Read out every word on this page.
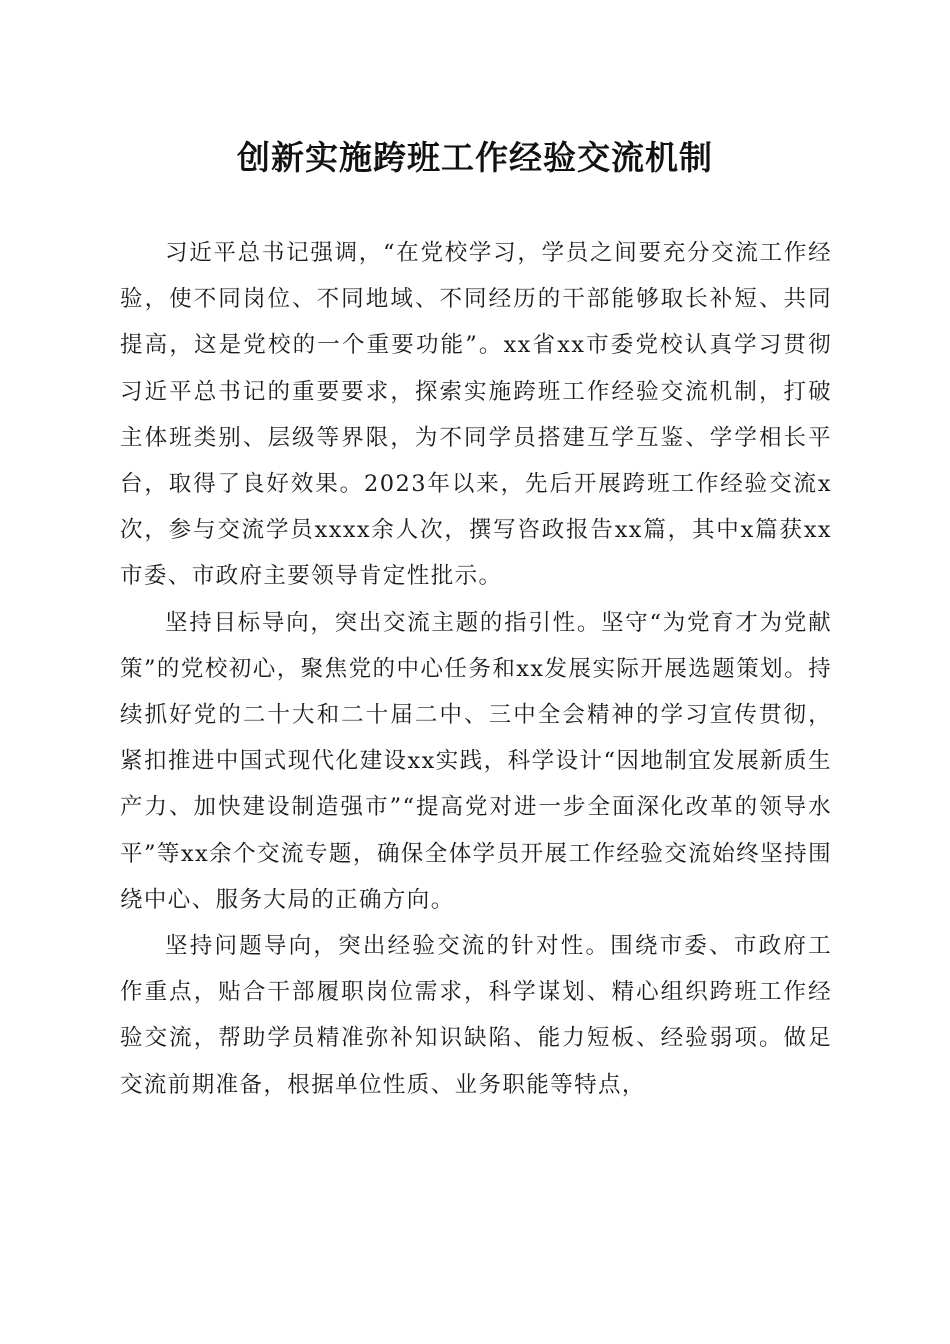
创新实施跨班工作经验交流机制

习近平总书记强调，“在党校学习，学员之间要充分交流工作经验，使不同岗位、不同地域、不同经历的干部能够取长补短、共同提高，这是党校的一个重要功能”。xx省xx市委党校认真学习贯彻习近平总书记的重要要求，探索实施跨班工作经验交流机制，打破主体班类别、层级等界限，为不同学员搭建互学互鉴、学学相长平台，取得了良好效果。2023年以来，先后开展跨班工作经验交流x次，参与交流学员xxxx余人次，撰写咨政报告xx篇，其中x篇获xx市委、市政府主要领导肯定性批示。

坚持目标导向，突出交流主题的指引性。坚守“为党育才为党献策”的党校初心，聚焦党的中心任务和xx发展实际开展选题策划。持续抓好党的二十大和二十届二中、三中全会精神的学习宣传贯彻，紧扣推进中国式现代化建设xx实践，科学设计“因地制宜发展新质生产力、加快建设制造强市”“提高党对进一步全面深化改革的领导水平”等xx余个交流专题，确保全体学员开展工作经验交流始终坚持围绕中心、服务大局的正确方向。

坚持问题导向，突出经验交流的针对性。围绕市委、市政府工作重点，贴合干部履职岗位需求，科学谋划、精心组织跨班工作经验交流，帮助学员精准弥补知识缺陷、能力短板、经验弱项。做足交流前期准备，根据单位性质、业务职能等特点，
